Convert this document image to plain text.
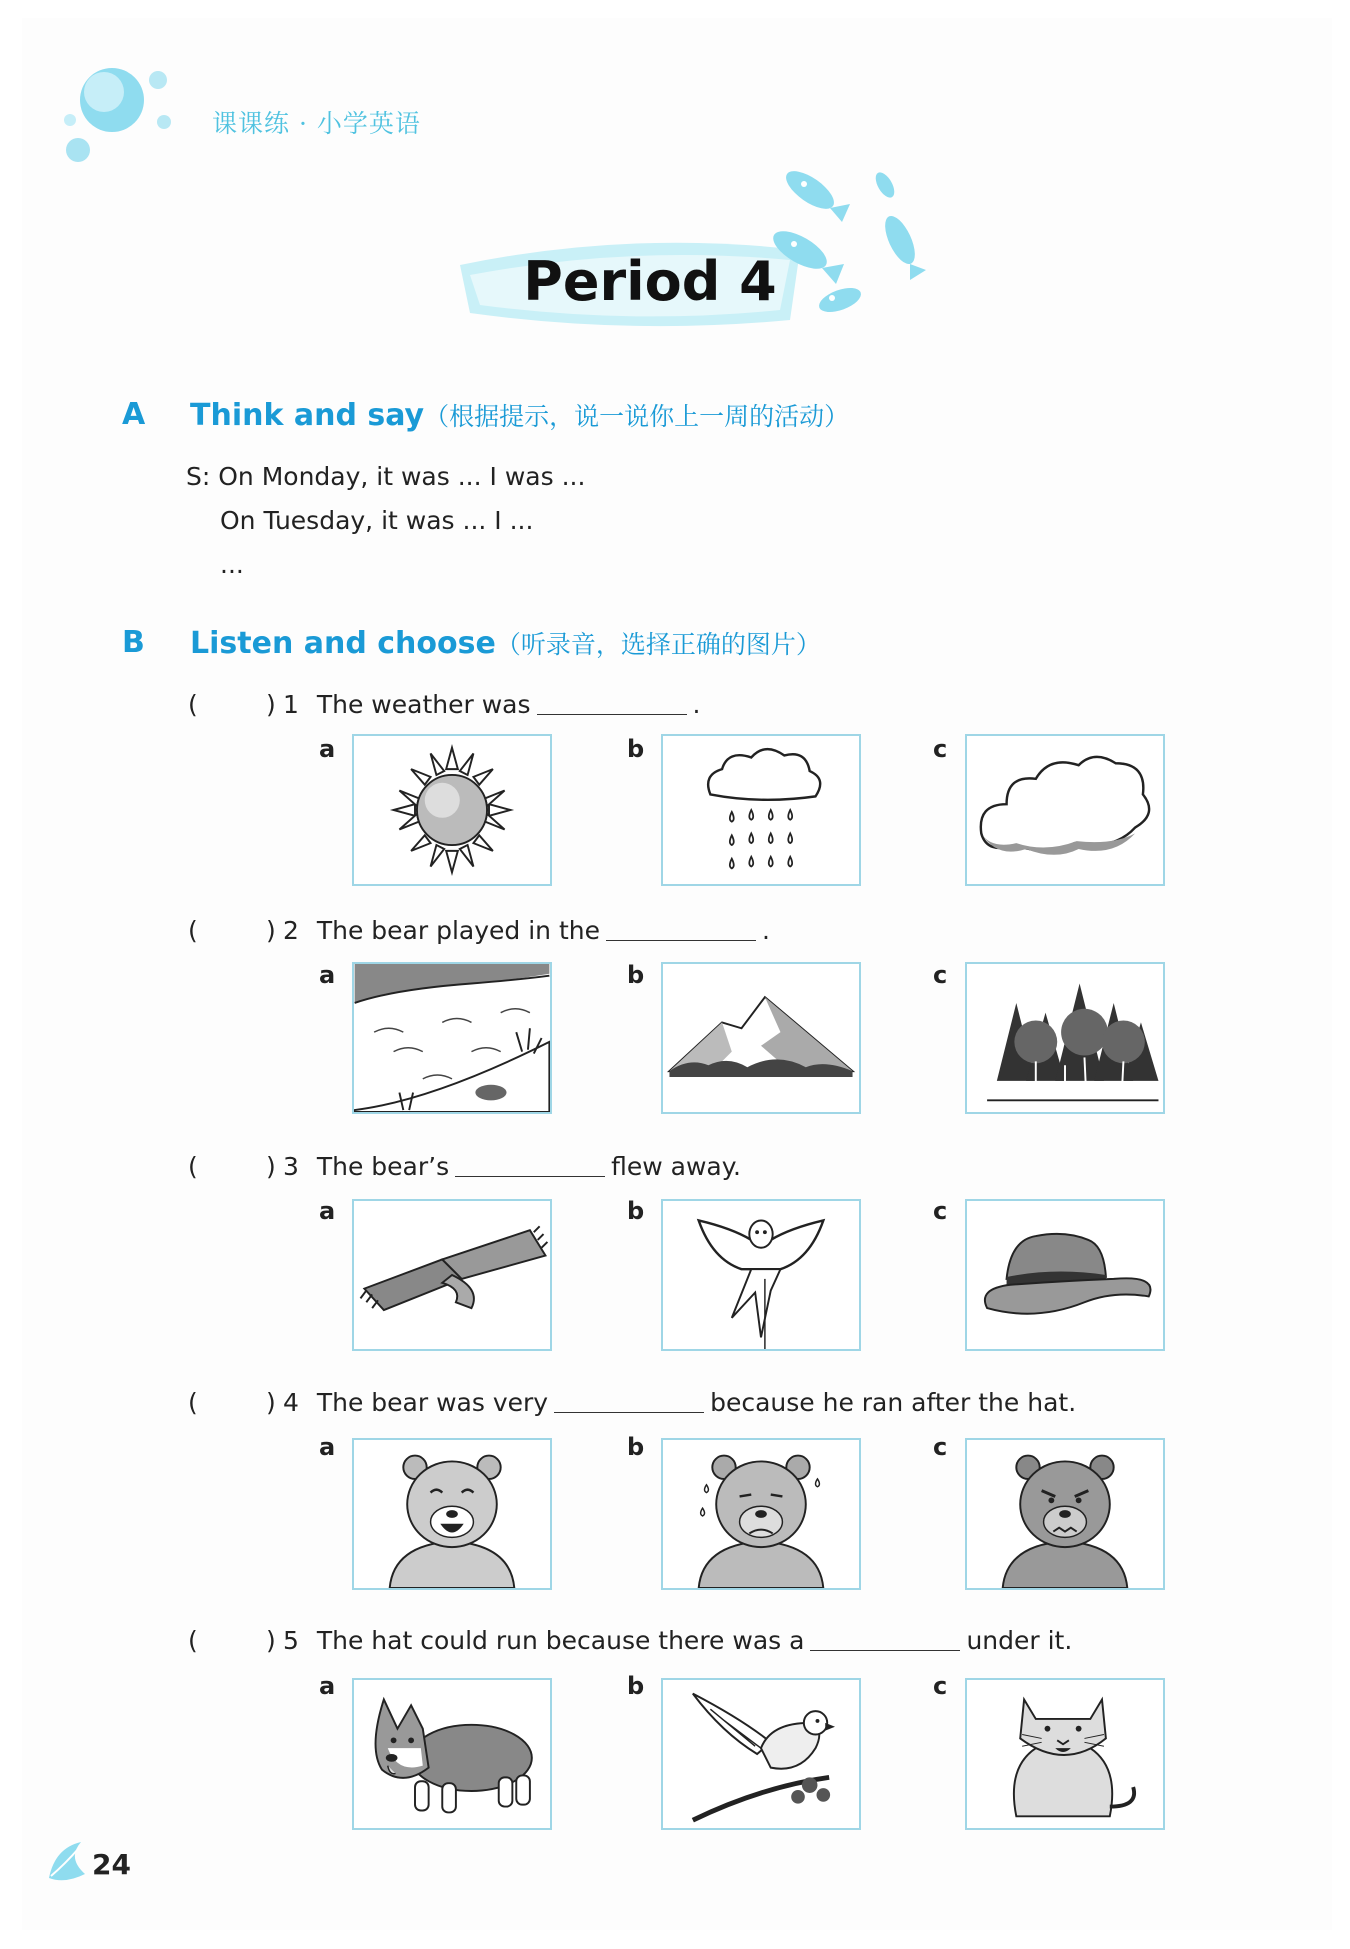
课课练 · 小学英语
Period 4
A Think and say（根据提示，说一说你上一周的活动）
S: On Monday, it was ... I was ...
On Tuesday, it was ... I ...
...
B Listen and choose（听录音，选择正确的图片）
(	) 1 The weather was	.
a	b	c
(	) 2 The bear played in the	.
a	b	c
(	) 3 The bear’s	flew away.
a	b	c
(	) 4 The bear was very	because he ran after the hat.
a	b	c
(	) 5 The hat could run because there was a	under it.
a	b	c
24
